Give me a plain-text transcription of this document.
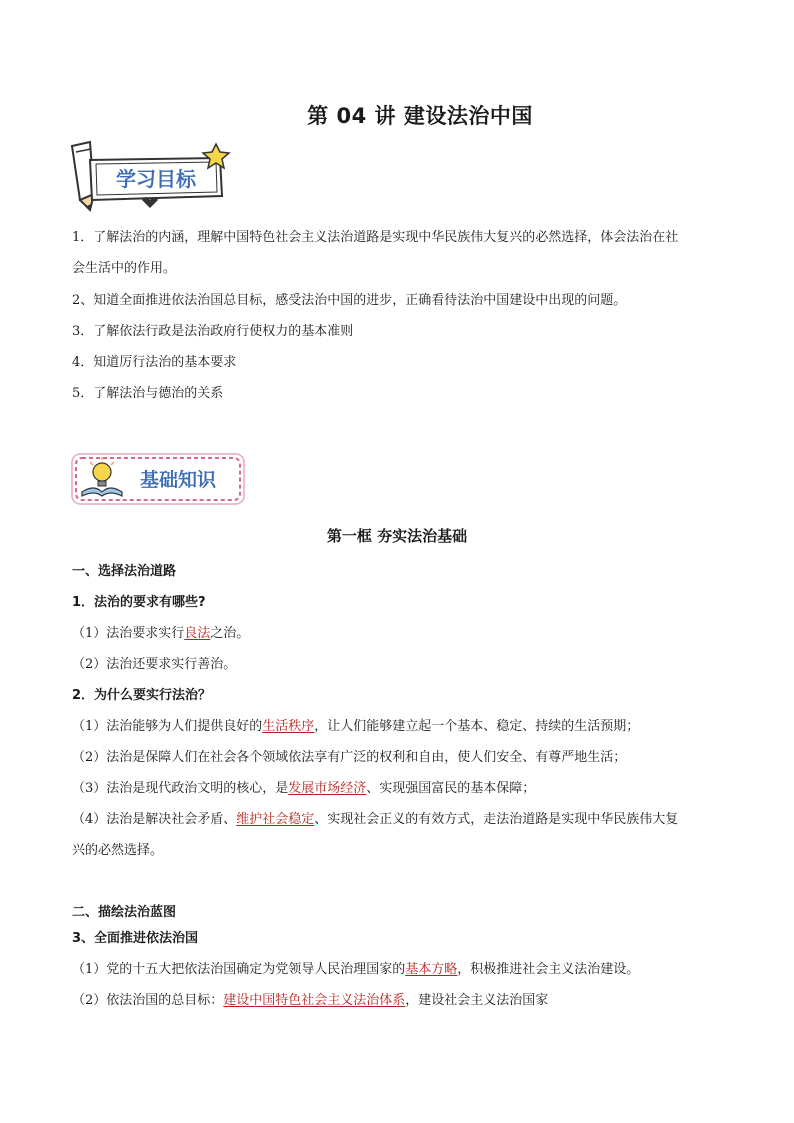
第 04 讲 建设法治中国
学习目标
1．了解法治的内涵，理解中国特色社会主义法治道路是实现中华民族伟大复兴的必然选择，体会法治在社
会生活中的作用。
2、知道全面推进依法治国总目标，感受法治中国的进步，正确看待法治中国建设中出现的问题。
3．了解依法行政是法治政府行使权力的基本准则
4．知道厉行法治的基本要求
5．了解法治与德治的关系
基础知识
第一框 夯实法治基础
一、选择法治道路
1．法治的要求有哪些?
（1）法治要求实行良法之治。
（2）法治还要求实行善治。
2．为什么要实行法治？
（1）法治能够为人们提供良好的生活秩序，让人们能够建立起一个基本、稳定、持续的生活预期；
（2）法治是保障人们在社会各个领域依法享有广泛的权利和自由，使人们安全、有尊严地生活；
（3）法治是现代政治文明的核心，是发展市场经济、实现强国富民的基本保障；
（4）法治是解决社会矛盾、维护社会稳定、实现社会正义的有效方式，走法治道路是实现中华民族伟大复
兴的必然选择。
二、描绘法治蓝图
3、全面推进依法治国
（1）党的十五大把依法治国确定为党领导人民治理国家的基本方略，积极推进社会主义法治建设。
（2）依法治国的总目标：建设中国特色社会主义法治体系，建设社会主义法治国家
